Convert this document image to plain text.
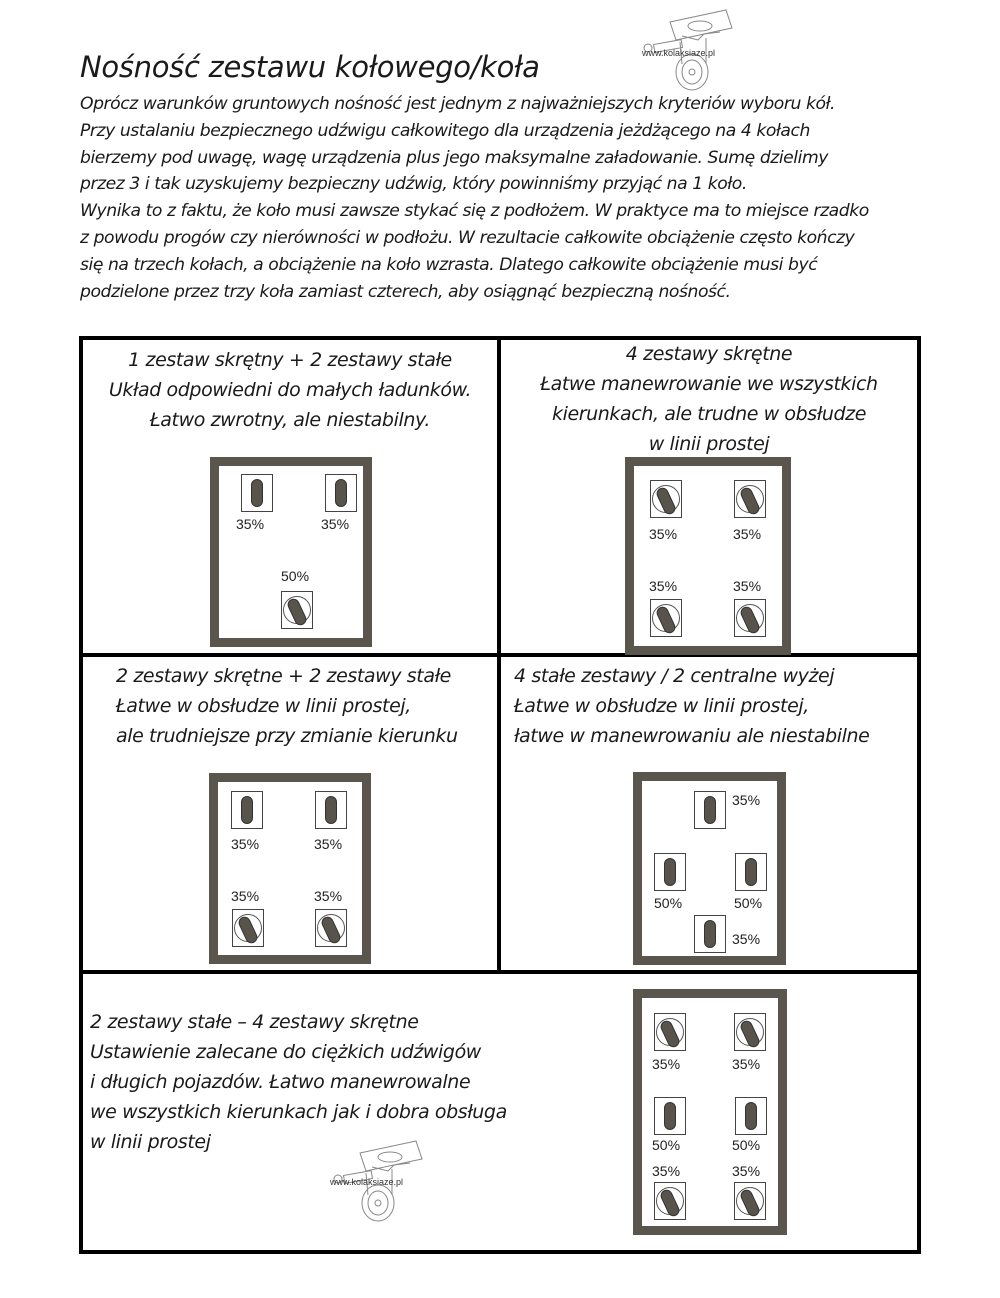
Nośność zestawu kołowego/koła
Oprócz warunków gruntowych nośność jest jednym z najważniejszych kryteriów wyboru kół.
Przy ustalaniu bezpiecznego udźwigu całkowitego dla urządzenia jeżdżącego na 4 kołach
bierzemy pod uwagę, wagę urządzenia plus jego maksymalne załadowanie. Sumę dzielimy
przez 3 i tak uzyskujemy bezpieczny udźwig, który powinniśmy przyjąć na 1 koło.
Wynika to z faktu, że koło musi zawsze stykać się z podłożem. W praktyce ma to miejsce rzadko
z powodu progów czy nierówności w podłożu. W rezultacie całkowite obciążenie często kończy
się na trzech kołach, a obciążenie na koło wzrasta. Dlatego całkowite obciążenie musi być
podzielone przez trzy koła zamiast czterech, aby osiągnąć bezpieczną nośność.
www.kolaksiaze.pl
1 zestaw skrętny + 2 zestawy stałe
Układ odpowiedni do małych ładunków.
Łatwo zwrotny, ale niestabilny.
35%	35%
50%
4 zestawy skrętne
Łatwe manewrowanie we wszystkich
kierunkach, ale trudne w obsłudze
w linii prostej
35%	35%
35%	35%
2 zestawy skrętne + 2 zestawy stałe
Łatwe w obsłudze w linii prostej,
ale trudniejsze przy zmianie kierunku
35%	35%
35%	35%
4 stałe zestawy / 2 centralne wyżej
Łatwe w obsłudze w linii prostej,
łatwe w manewrowaniu ale niestabilne
35%
50%	50%
35%
2 zestawy stałe – 4 zestawy skrętne
Ustawienie zalecane do ciężkich udźwigów
i długich pojazdów. Łatwo manewrowalne
we wszystkich kierunkach jak i dobra obsługa
w linii prostej
35%	35%
50%	50%
35%	35%
www.kolaksiaze.pl
